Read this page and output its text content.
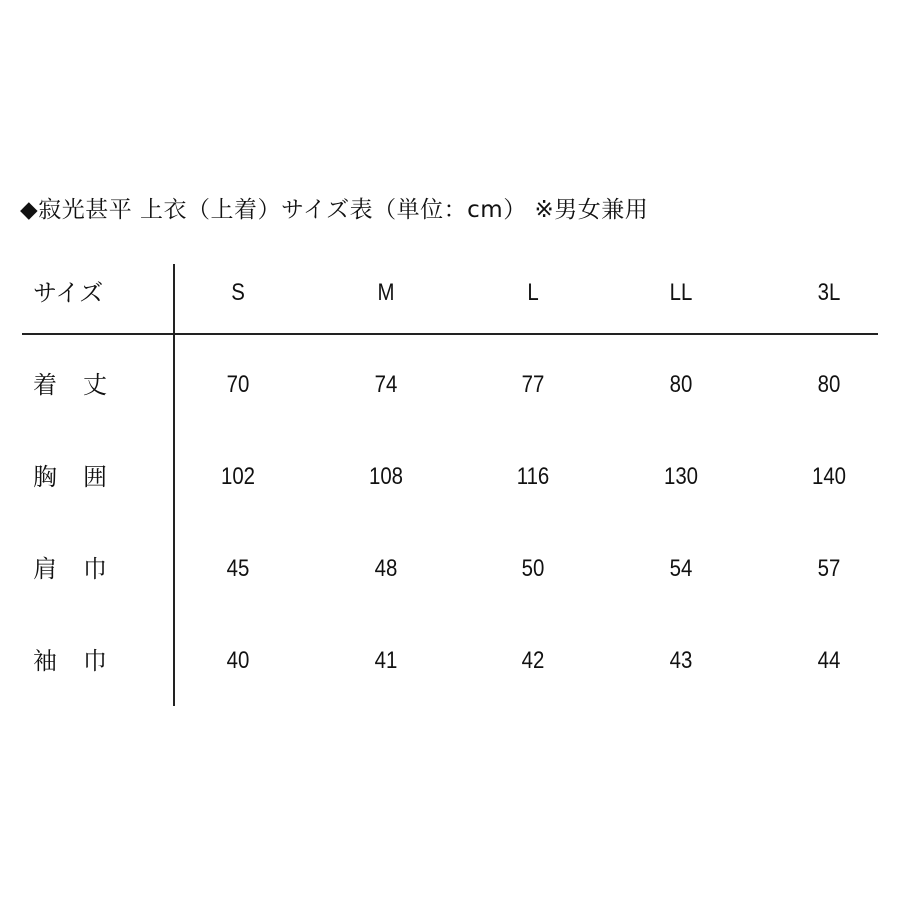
◆寂光甚平 上衣（上着）サイズ表（単位：cm） ※男女兼用
サイズ	S	M	L	LL	3L
着丈	70	74	77	80	80
胸囲	102	108	116	130	140
肩巾	45	48	50	54	57
袖巾	40	41	42	43	44
